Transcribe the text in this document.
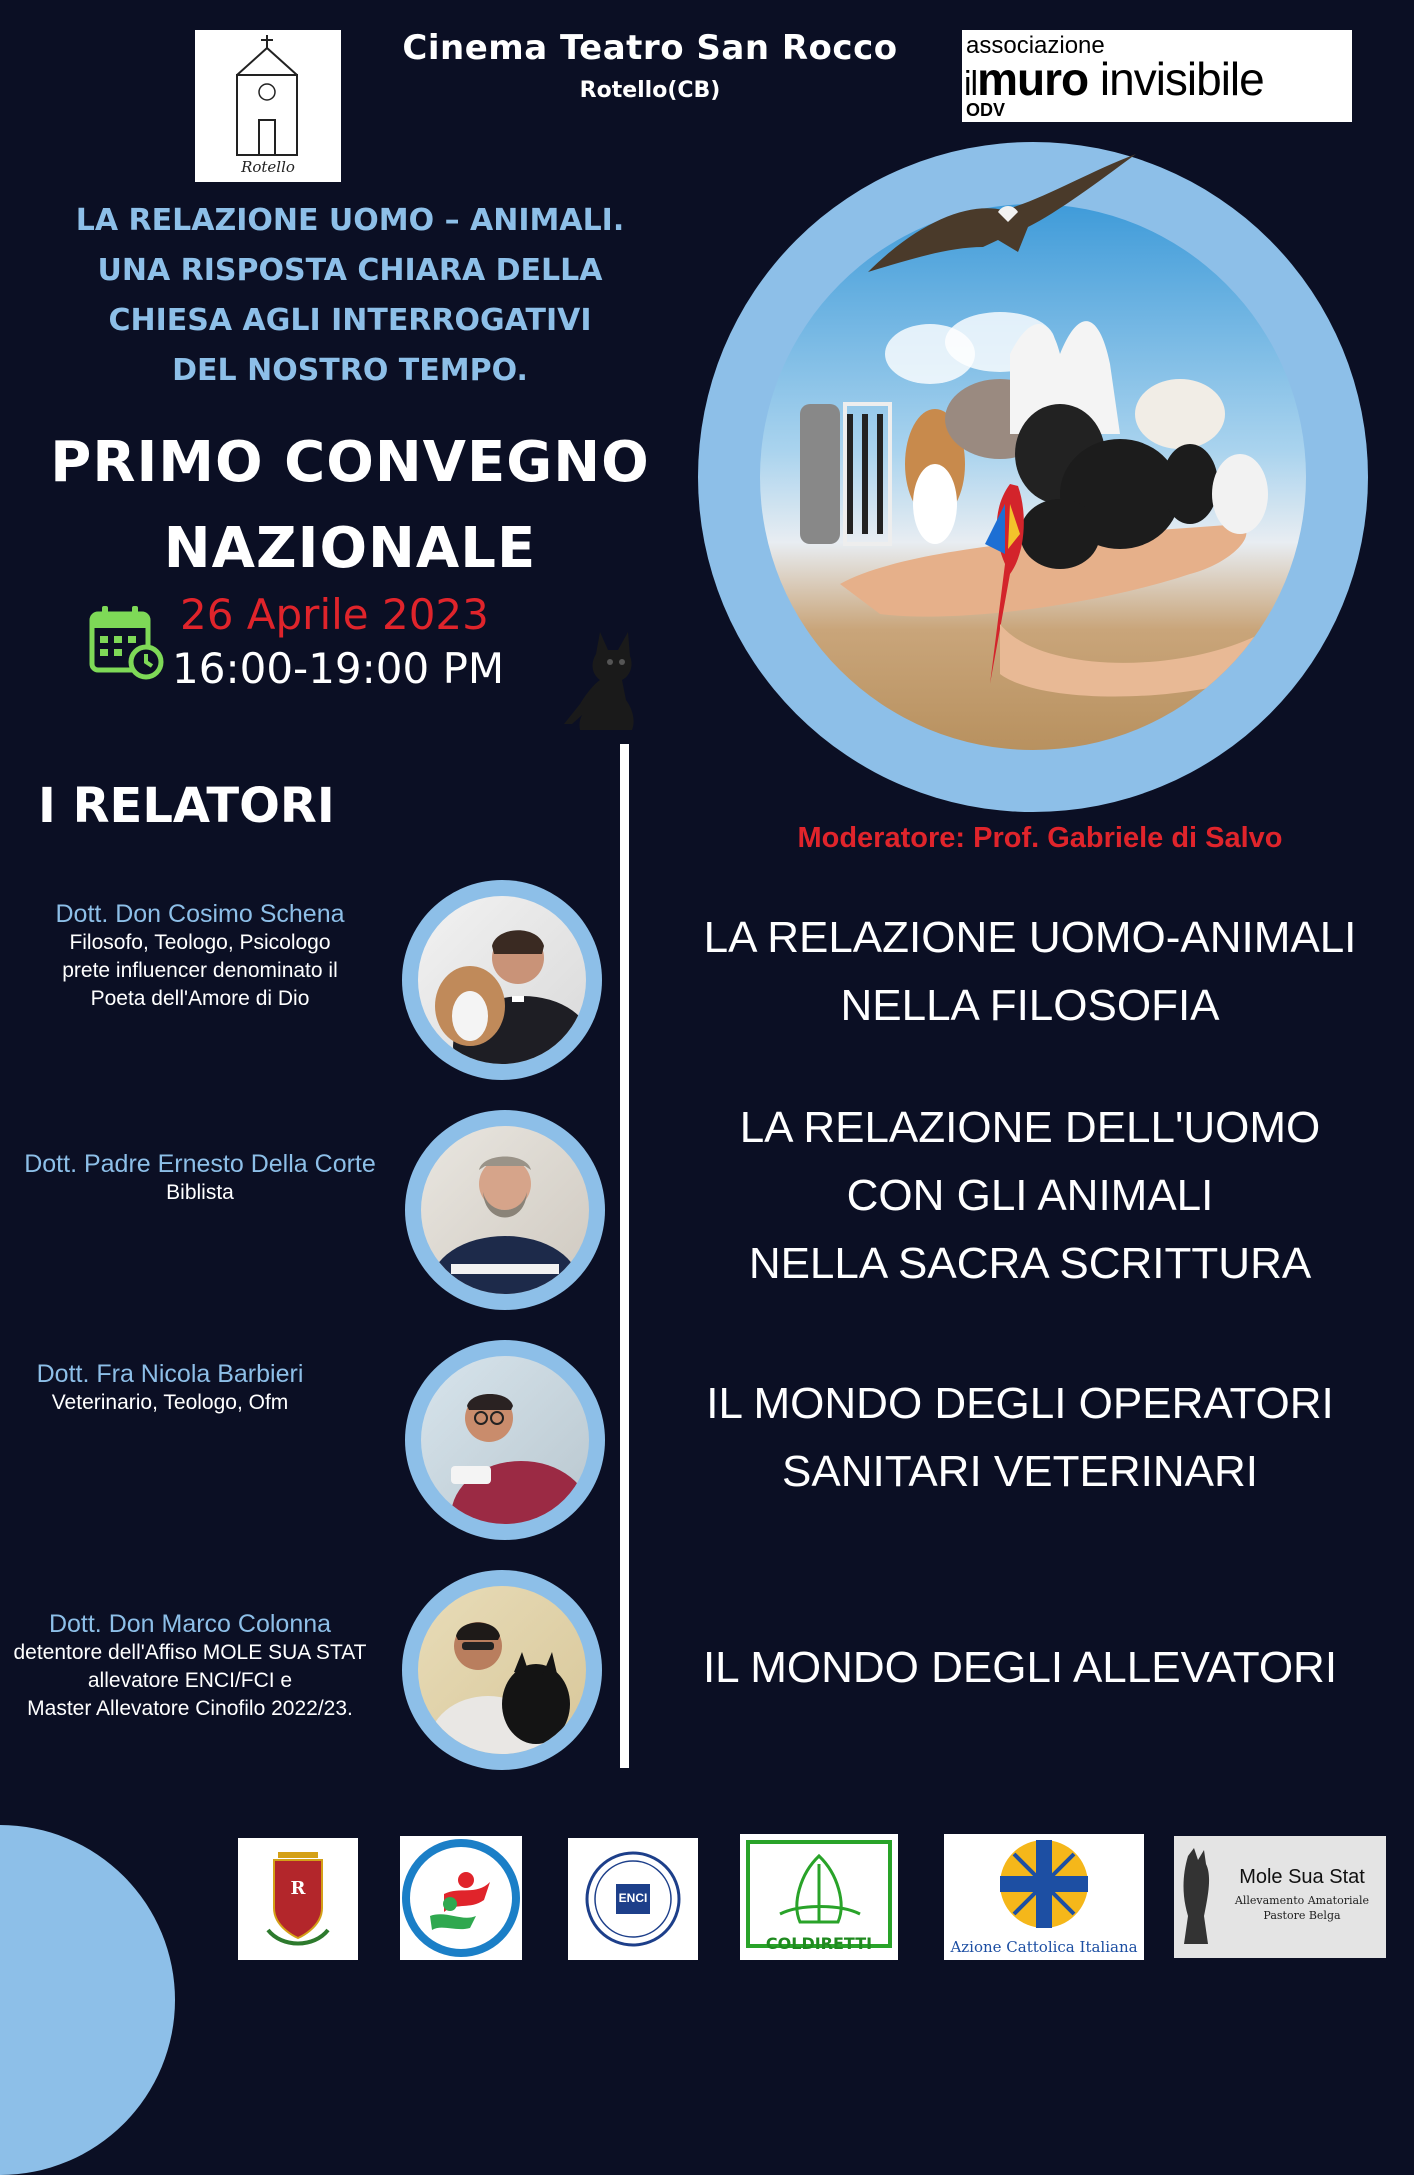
Rotello
Cinema Teatro San Rocco
Rotello(CB)
associazione
ilmuro invisibile
ODV
LA RELAZIONE UOMO – ANIMALI.
UNA RISPOSTA CHIARA DELLA
CHIESA AGLI INTERROGATIVI
DEL NOSTRO TEMPO.
PRIMO CONVEGNO
NAZIONALE
26 Aprile 2023
16:00-19:00 PM
I RELATORI
Moderatore: Prof. Gabriele di Salvo
Dott. Don Cosimo Schena
Filosofo, Teologo, Psicologo
prete influencer denominato il
Poeta dell'Amore di Dio
LA RELAZIONE UOMO-ANIMALI
NELLA FILOSOFIA
Dott. Padre Ernesto Della Corte
Biblista
LA RELAZIONE DELL'UOMO
CON GLI ANIMALI
NELLA SACRA SCRITTURA
Dott. Fra Nicola Barbieri
Veterinario, Teologo, Ofm	IL MONDO DEGLI OPERATORI
SANITARI VETERINARI
Dott. Don Marco Colonna
detentore dell'Affiso MOLE SUA STAT
allevatore ENCI/FCI e
Master Allevatore Cinofilo 2022/23.
IL MONDO DEGLI ALLEVATORI
R	ENCI
COLDIRETTI	Azione Cattolica Italiana
Mole Sua Stat
Allevamento Amatoriale
Pastore Belga
